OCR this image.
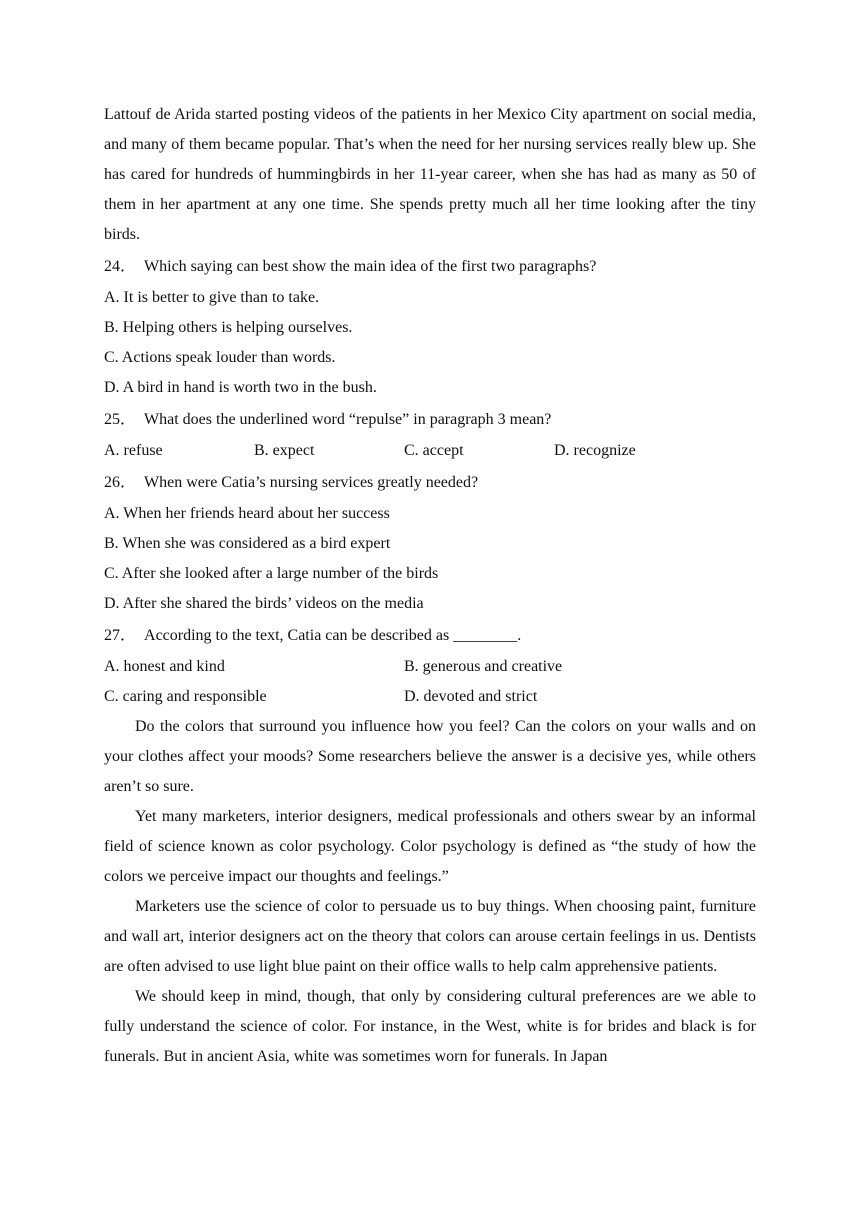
Lattouf de Arida started posting videos of the patients in her Mexico City apartment on social media, and many of them became popular. That’s when the need for her nursing services really blew up. She has cared for hundreds of hummingbirds in her 11-year career, when she has had as many as 50 of them in her apartment at any one time. She spends pretty much all her time looking after the tiny birds.

24． Which saying can best show the main idea of the first two paragraphs?

A. It is better to give than to take.

B. Helping others is helping ourselves.

C. Actions speak louder than words.

D. A bird in hand is worth two in the bush.

25． What does the underlined word “repulse” in paragraph 3 mean?

A. refuse	B. expect	C. accept	D. recognize

26． When were Catia’s nursing services greatly needed?

A. When her friends heard about her success

B. When she was considered as a bird expert

C. After she looked after a large number of the birds

D. After she shared the birds’ videos on the media

27． According to the text, Catia can be described as ________.

A. honest and kind	B. generous and creative
C. caring and responsible	D. devoted and strict

Do the colors that surround you influence how you feel? Can the colors on your walls and on your clothes affect your moods? Some researchers believe the answer is a decisive yes, while others aren’t so sure.

Yet many marketers, interior designers, medical professionals and others swear by an informal field of science known as color psychology. Color psychology is defined as “the study of how the colors we perceive impact our thoughts and feelings.”

Marketers use the science of color to persuade us to buy things. When choosing paint, furniture and wall art, interior designers act on the theory that colors can arouse certain feelings in us. Dentists are often advised to use light blue paint on their office walls to help calm apprehensive patients.

We should keep in mind, though, that only by considering cultural preferences are we able to fully understand the science of color. For instance, in the West, white is for brides and black is for funerals. But in ancient Asia, white was sometimes worn for funerals. In Japan
